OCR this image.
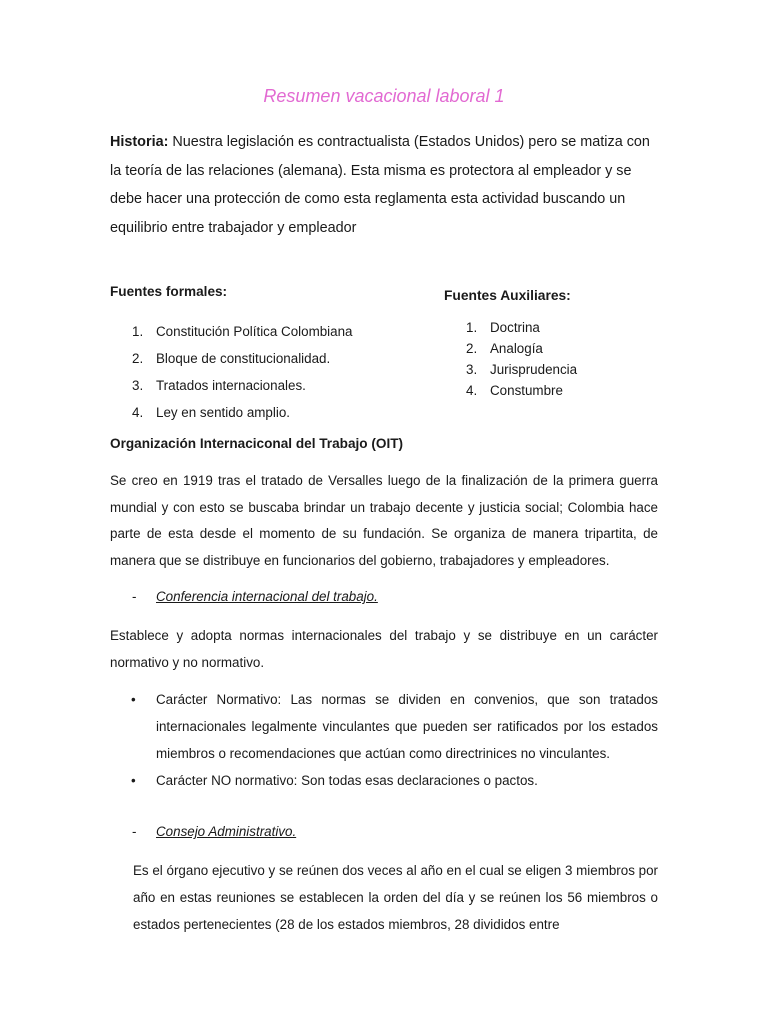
Resumen vacacional laboral 1

Historia: Nuestra legislación es contractualista (Estados Unidos) pero se matiza con la teoría de las relaciones (alemana). Esta misma es protectora al empleador y se debe hacer una protección de como esta reglamenta esta actividad buscando un equilibrio entre trabajador y empleador

Fuentes formales:
1. Constitución Política Colombiana
2. Bloque de constitucionalidad.
3. Tratados internacionales.
4. Ley en sentido amplio.
Fuentes Auxiliares:
1. Doctrina
2. Analogía
3. Jurisprudencia
4. Constumbre
Organización Internaciconal del Trabajo (OIT)

Se creo en 1919 tras el tratado de Versalles luego de la finalización de la primera guerra mundial y con esto se buscaba brindar un trabajo decente y justicia social; Colombia hace parte de esta desde el momento de su fundación. Se organiza de manera tripartita, de manera que se distribuye en funcionarios del gobierno, trabajadores y empleadores.

- Conferencia internacional del trabajo.

Establece y adopta normas internacionales del trabajo y se distribuye en un carácter normativo y no normativo.

• Carácter Normativo: Las normas se dividen en convenios, que son tratados internacionales legalmente vinculantes que pueden ser ratificados por los estados miembros o recomendaciones que actúan como directrinices no vinculantes.
• Carácter NO normativo: Son todas esas declaraciones o pactos.
- Consejo Administrativo.

Es el órgano ejecutivo y se reúnen dos veces al año en el cual se eligen 3 miembros por año en estas reuniones se establecen la orden del día y se reúnen los 56 miembros o estados pertenecientes (28 de los estados miembros, 28 divididos entre
